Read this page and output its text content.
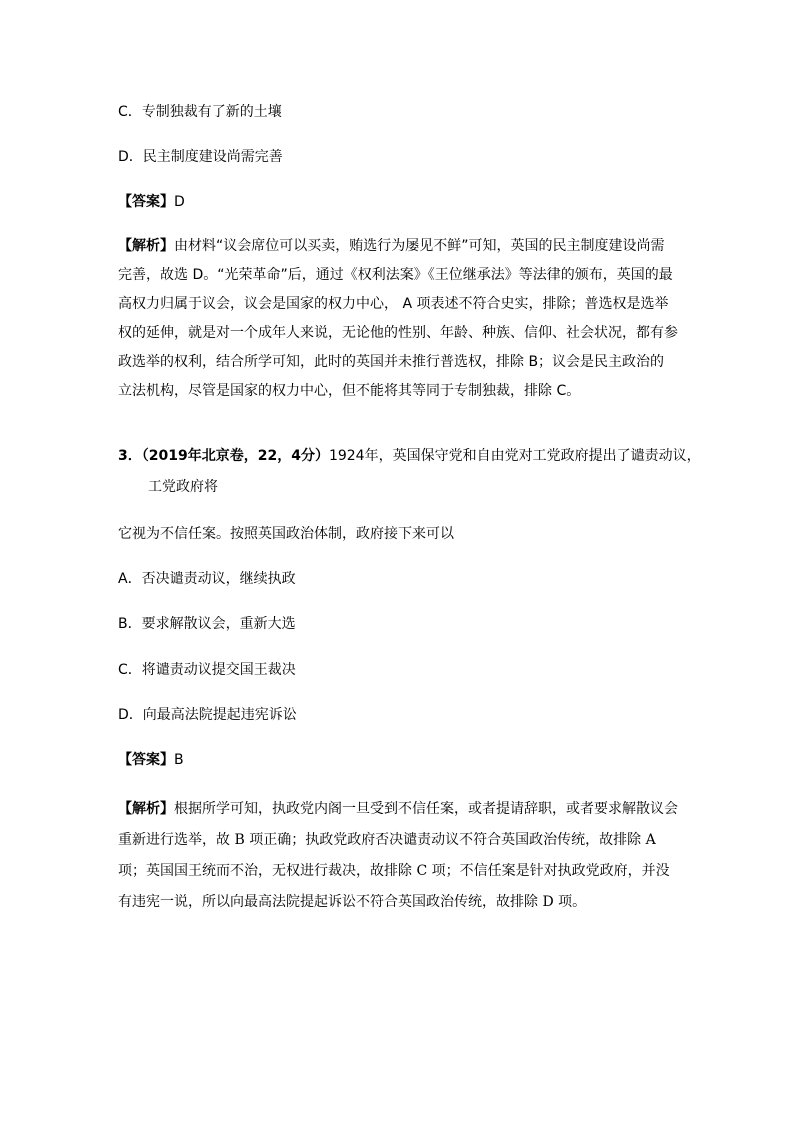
C．专制独裁有了新的土壤
D．民主制度建设尚需完善
【答案】D
【解析】由材料“议会席位可以买卖，贿选行为屡见不鲜”可知，英国的民主制度建设尚需完善，故选 D。“光荣革命”后，通过《权利法案》《王位继承法》等法律的颁布，英国的最高权力归属于议会，议会是国家的权力中心， A 项表述不符合史实，排除；普选权是选举权的延伸，就是对一个成年人来说，无论他的性别、年龄、种族、信仰、社会状况，都有参政选举的权利，结合所学可知，此时的英国并未推行普选权，排除 B；议会是民主政治的立法机构，尽管是国家的权力中心，但不能将其等同于专制独裁，排除 C。
3．（2019年北京卷，22，4分）1924年，英国保守党和自由党对工党政府提出了谴责动议，
工党政府将
它视为不信任案。按照英国政治体制，政府接下来可以
A．否决谴责动议，继续执政
B．要求解散议会，重新大选
C．将谴责动议提交国王裁决
D．向最高法院提起违宪诉讼
【答案】B
【解析】根据所学可知，执政党内阁一旦受到不信任案，或者提请辞职，或者要求解散议会重新进行选举，故 B 项正确；执政党政府否决谴责动议不符合英国政治传统，故排除 A 项；英国国王统而不治，无权进行裁决，故排除 C 项；不信任案是针对执政党政府，并没有违宪一说，所以向最高法院提起诉讼不符合英国政治传统，故排除 D 项。
